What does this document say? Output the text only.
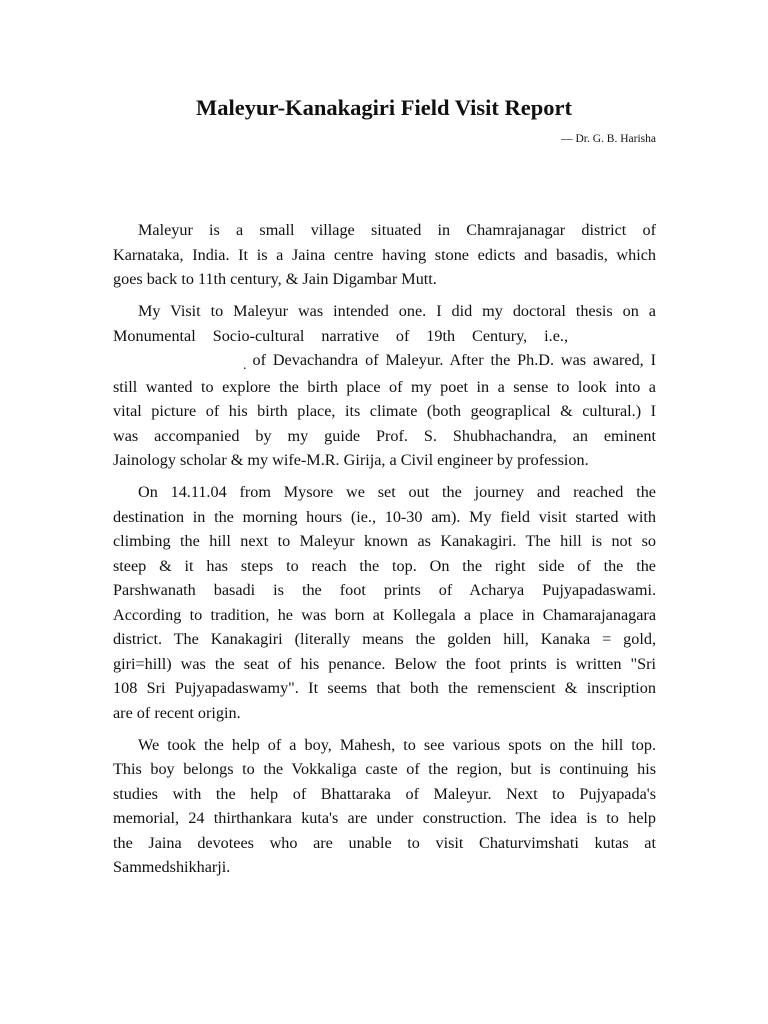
Maleyur-Kanakagiri Field Visit Report

— Dr. G. B. Harisha

Maleyur is a small village situated in Chamrajanagar district of
Karnataka, India. It is a Jaina centre having stone edicts and basadis, which
goes back to 11th century, & Jain Digambar Mutt.
My Visit to Maleyur was intended one. I did my doctoral thesis on a
Monumental Socio-cultural narrative of 19th Century, i.e.,
. of Devachandra of Maleyur. After the Ph.D. was awared, I
still wanted to explore the birth place of my poet in a sense to look into a
vital picture of his birth place, its climate (both geograplical & cultural.) I
was accompanied by my guide Prof. S. Shubhachandra, an eminent
Jainology scholar & my wife-M.R. Girija, a Civil engineer by profession.
On 14.11.04 from Mysore we set out the journey and reached the
destination in the morning hours (ie., 10-30 am). My field visit started with
climbing the hill next to Maleyur known as Kanakagiri. The hill is not so
steep & it has steps to reach the top. On the right side of the the
Parshwanath basadi is the foot prints of Acharya Pujyapadaswami.
According to tradition, he was born at Kollegala a place in Chamarajanagara
district. The Kanakagiri (literally means the golden hill, Kanaka = gold,
giri=hill) was the seat of his penance. Below the foot prints is written "Sri
108 Sri Pujyapadaswamy". It seems that both the remenscient & inscription
are of recent origin.
We took the help of a boy, Mahesh, to see various spots on the hill top.
This boy belongs to the Vokkaliga caste of the region, but is continuing his
studies with the help of Bhattaraka of Maleyur. Next to Pujyapada's
memorial, 24 thirthankara kuta's are under construction. The idea is to help
the Jaina devotees who are unable to visit Chaturvimshati kutas at
Sammedshikharji.
